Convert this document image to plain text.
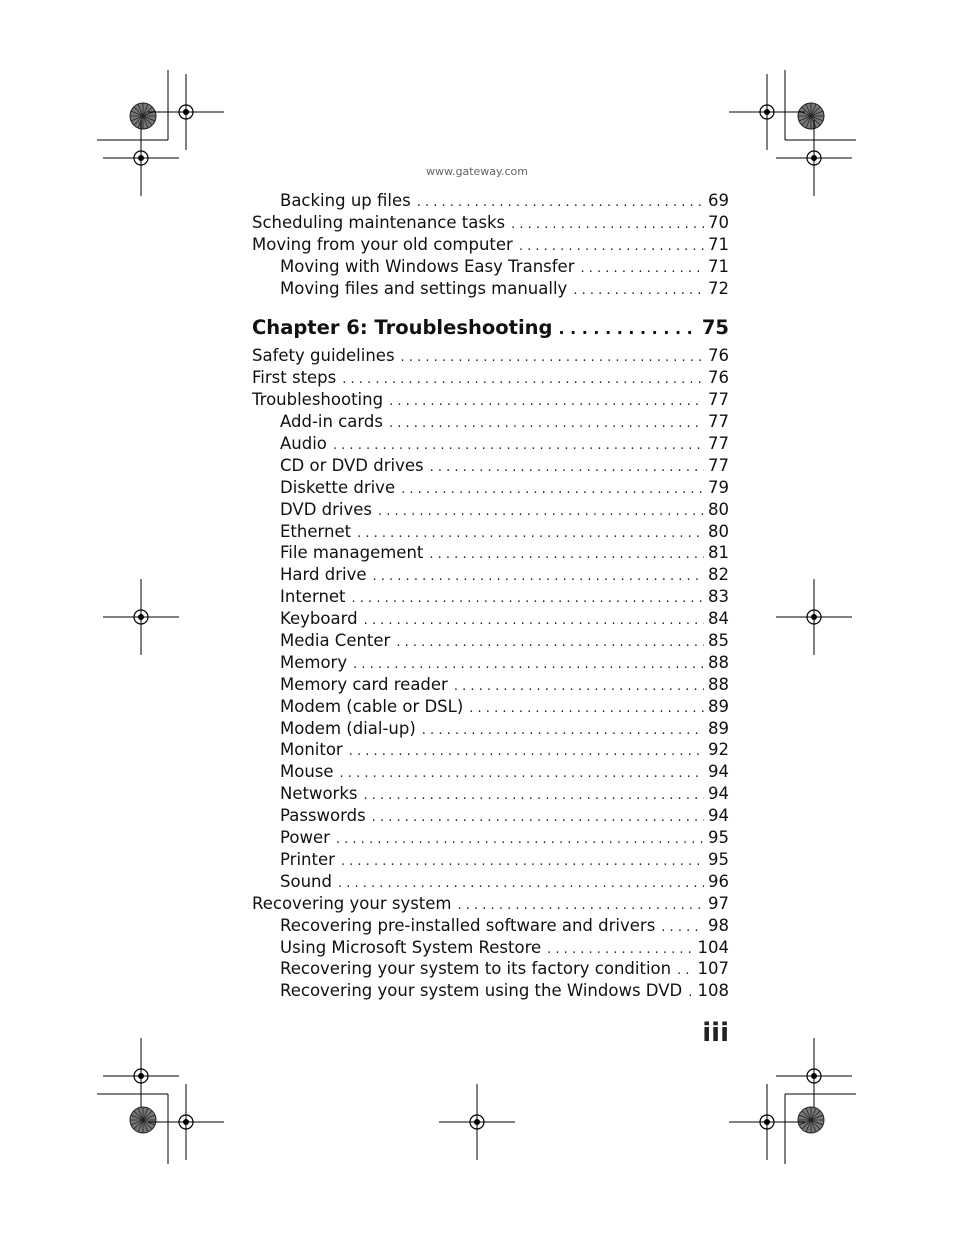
www.gateway.com
Backing up files . . .	69
Scheduling maintenance tasks . . .	70
Moving from your old computer . . .	71
Moving with Windows Easy Transfer . . .	71
Moving files and settings manually . . .	72
Chapter 6: Troubleshooting . . .	75
Safety guidelines . . .	76
First steps . . .	76
Troubleshooting . . .	77
Add-in cards . . .	77
Audio . . .	77
CD or DVD drives . . .	77
Diskette drive . . .	79
DVD drives . . .	80
Ethernet . . .	80
File management . . .	81
Hard drive . . .	82
Internet . . .	83
Keyboard . . .	84
Media Center . . .	85
Memory . . .	88
Memory card reader . . .	88
Modem (cable or DSL) . . .	89
Modem (dial-up) . . .	89
Monitor . . .	92
Mouse . . .	94
Networks . . .	94
Passwords . . .	94
Power . . .	95
Printer . . .	95
Sound . . .	96
Recovering your system . . .	97
Recovering pre-installed software and drivers . . .	98
Using Microsoft System Restore . . .	104
Recovering your system to its factory condition . . .	107
Recovering your system using the Windows DVD . . . 108
iii
